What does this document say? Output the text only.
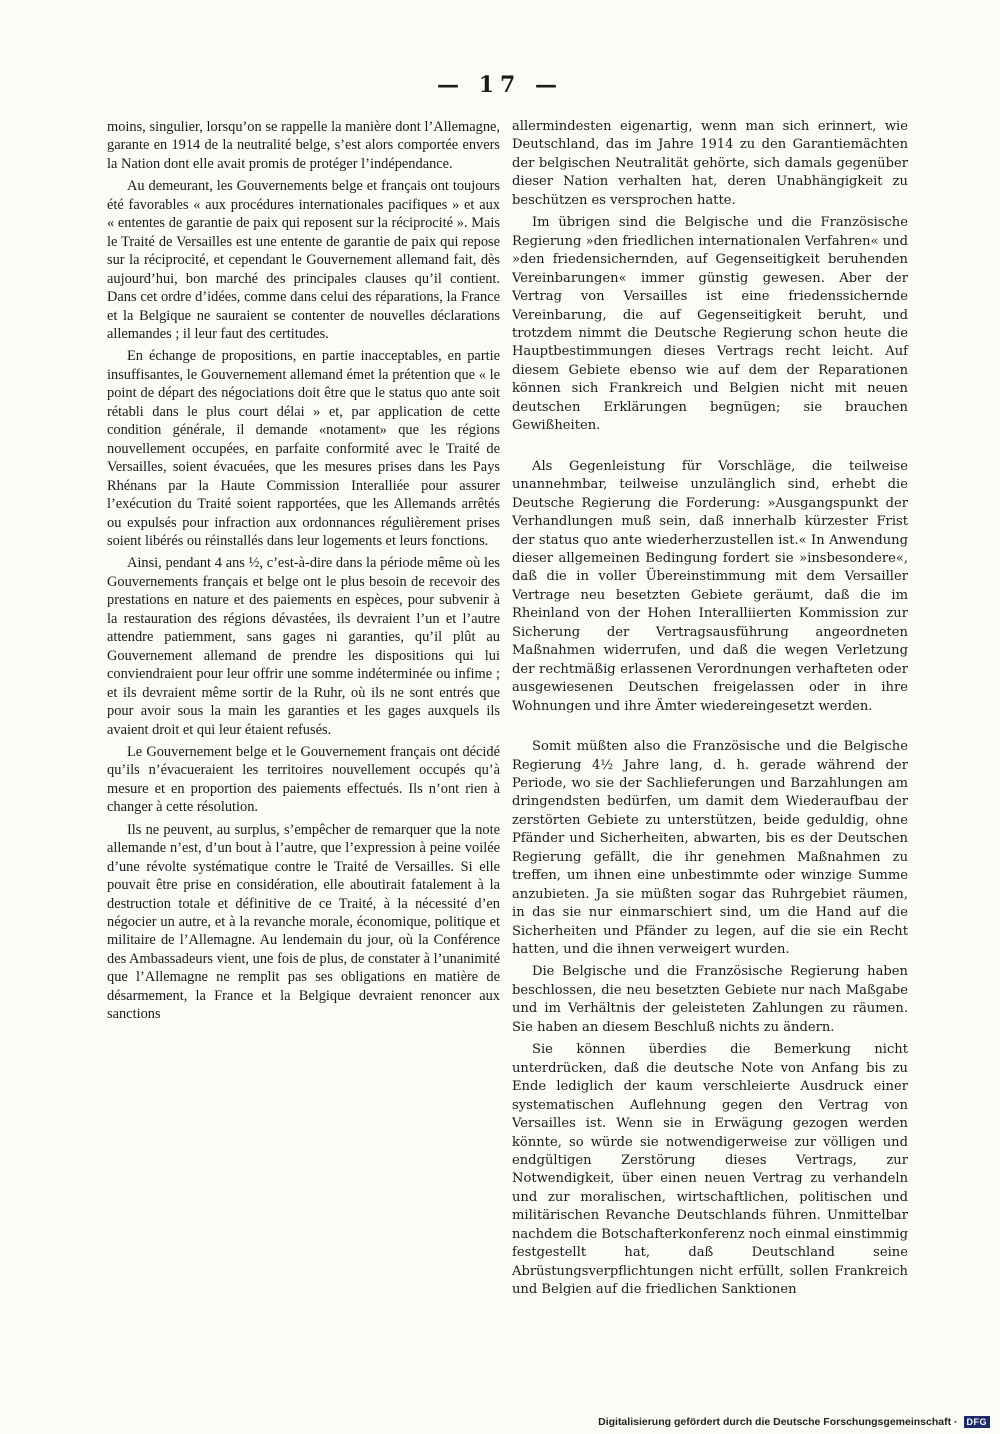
— 17 —

moins, singulier, lorsqu’on se rappelle la manière dont l’Allemagne, garante en 1914 de la neutralité belge, s’est alors comportée envers la Nation dont elle avait promis de protéger l’indépendance.

Au demeurant, les Gouvernements belge et français ont toujours été favorables « aux procédures internationales pacifiques » et aux « ententes de garantie de paix qui reposent sur la réciprocité ». Mais le Traité de Versailles est une entente de garantie de paix qui repose sur la réciprocité, et cependant le Gouvernement allemand fait, dès aujourd’hui, bon marché des principales clauses qu’il contient. Dans cet ordre d’idées, comme dans celui des réparations, la France et la Belgique ne sauraient se contenter de nouvelles déclarations allemandes ; il leur faut des certitudes.

En échange de propositions, en partie inacceptables, en partie insuffisantes, le Gouvernement allemand émet la prétention que « le point de départ des négociations doit être que le status quo ante soit rétabli dans le plus court délai » et, par application de cette condition générale, il demande «notament» que les régions nouvellement occupées, en parfaite conformité avec le Traité de Versailles, soient évacuées, que les mesures prises dans les Pays Rhénans par la Haute Commission Interalliée pour assurer l’exécution du Traité soient rapportées, que les Allemands arrêtés ou expulsés pour infraction aux ordonnances régulièrement prises soient libérés ou réinstallés dans leur logements et leurs fonctions.

Ainsi, pendant 4 ans ½, c’est-à-dire dans la période même où les Gouvernements français et belge ont le plus besoin de recevoir des prestations en nature et des paiements en espèces, pour subvenir à la restauration des régions dévastées, ils devraient l’un et l’autre attendre patiemment, sans gages ni garanties, qu’il plût au Gouvernement allemand de prendre les dispositions qui lui conviendraient pour leur offrir une somme indéterminée ou infime ; et ils devraient même sortir de la Ruhr, où ils ne sont entrés que pour avoir sous la main les garanties et les gages auxquels ils avaient droit et qui leur étaient refusés.

Le Gouvernement belge et le Gouvernement français ont décidé qu’ils n’évacueraient les territoires nouvellement occupés qu’à mesure et en proportion des paiements effectués. Ils n’ont rien à changer à cette résolution.

Ils ne peuvent, au surplus, s’empêcher de remarquer que la note allemande n’est, d’un bout à l’autre, que l’expression à peine voilée d’une révolte systématique contre le Traité de Versailles. Si elle pouvait être prise en considération, elle aboutirait fatalement à la destruction totale et définitive de ce Traité, à la nécessité d’en négocier un autre, et à la revanche morale, économique, politique et militaire de l’Allemagne. Au lendemain du jour, où la Conférence des Ambassadeurs vient, une fois de plus, de constater à l’unanimité que l’Allemagne ne remplit pas ses obligations en matière de désarmement, la France et la Belgique devraient renoncer aux sanctions

allermindesten eigenartig, wenn man sich erinnert, wie Deutschland, das im Jahre 1914 zu den Garantiemächten der belgischen Neutralität gehörte, sich damals gegenüber dieser Nation verhalten hat, deren Unabhängigkeit zu beschützen es versprochen hatte.

Im übrigen sind die Belgische und die Französische Regierung »den friedlichen internationalen Verfahren« und »den friedensichernden, auf Gegenseitigkeit beruhenden Vereinbarungen« immer günstig gewesen. Aber der Vertrag von Versailles ist eine friedenssichernde Vereinbarung, die auf Gegenseitigkeit beruht, und trotzdem nimmt die Deutsche Regierung schon heute die Hauptbestimmungen dieses Vertrags recht leicht. Auf diesem Gebiete ebenso wie auf dem der Reparationen können sich Frankreich und Belgien nicht mit neuen deutschen Erklärungen begnügen; sie brauchen Gewißheiten.

Als Gegenleistung für Vorschläge, die teilweise unannehmbar, teilweise unzulänglich sind, erhebt die Deutsche Regierung die Forderung: »Ausgangspunkt der Verhandlungen muß sein, daß innerhalb kürzester Frist der status quo ante wiederherzustellen ist.« In Anwendung dieser allgemeinen Bedingung fordert sie »insbesondere«, daß die in voller Übereinstimmung mit dem Versailler Vertrage neu besetzten Gebiete geräumt, daß die im Rheinland von der Hohen Interalliierten Kommission zur Sicherung der Vertragsausführung angeordneten Maßnahmen widerrufen, und daß die wegen Verletzung der rechtmäßig erlassenen Verordnungen verhafteten oder ausgewiesenen Deutschen freigelassen oder in ihre Wohnungen und ihre Ämter wiedereingesetzt werden.

Somit müßten also die Französische und die Belgische Regierung 4½ Jahre lang, d. h. gerade während der Periode, wo sie der Sachlieferungen und Barzahlungen am dringendsten bedürfen, um damit dem Wiederaufbau der zerstörten Gebiete zu unterstützen, beide geduldig, ohne Pfänder und Sicherheiten, abwarten, bis es der Deutschen Regierung gefällt, die ihr genehmen Maßnahmen zu treffen, um ihnen eine unbestimmte oder winzige Summe anzubieten. Ja sie müßten sogar das Ruhrgebiet räumen, in das sie nur einmarschiert sind, um die Hand auf die Sicherheiten und Pfänder zu legen, auf die sie ein Recht hatten, und die ihnen verweigert wurden.

Die Belgische und die Französische Regierung haben beschlossen, die neu besetzten Gebiete nur nach Maßgabe und im Verhältnis der geleisteten Zahlungen zu räumen. Sie haben an diesem Beschluß nichts zu ändern.

Sie können überdies die Bemerkung nicht unterdrücken, daß die deutsche Note von Anfang bis zu Ende lediglich der kaum verschleierte Ausdruck einer systematischen Auflehnung gegen den Vertrag von Versailles ist. Wenn sie in Erwägung gezogen werden könnte, so würde sie notwendigerweise zur völligen und endgültigen Zerstörung dieses Vertrags, zur Notwendigkeit, über einen neuen Vertrag zu verhandeln und zur moralischen, wirtschaftlichen, politischen und militärischen Revanche Deutschlands führen. Unmittelbar nachdem die Botschafterkonferenz noch einmal einstimmig festgestellt hat, daß Deutschland seine Abrüstungsverpflichtungen nicht erfüllt, sollen Frankreich und Belgien auf die friedlichen Sanktionen

Digitalisierung gefördert durch die Deutsche Forschungsgemeinschaft ·	DFG
